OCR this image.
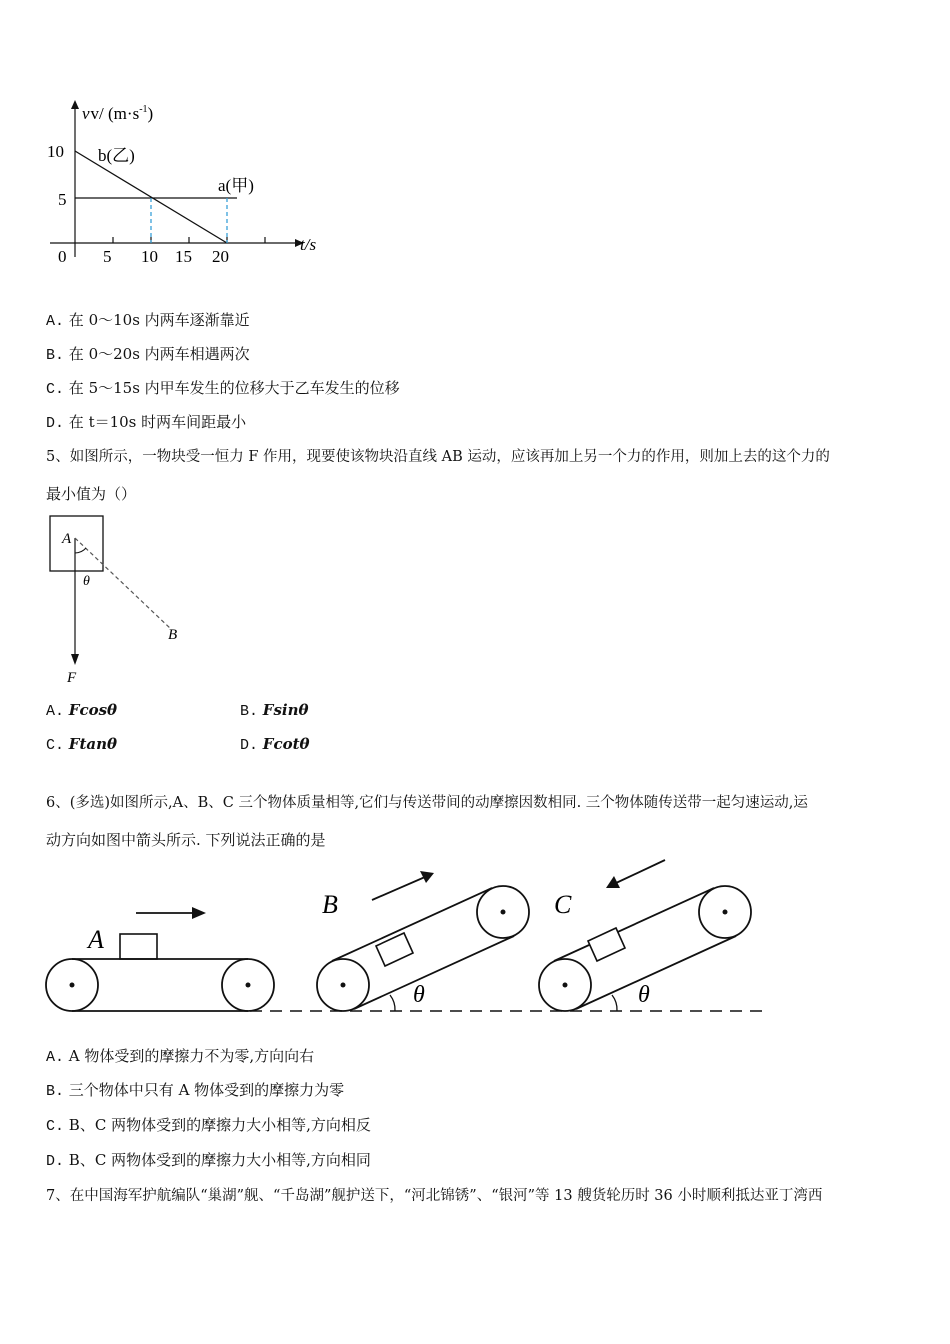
vv/ $(m\cdot s^{-1})$
10
5
0 5 10 15 20
t/s
b(乙)
a(甲)
A. 在 0～10s 内两车逐渐靠近
B. 在 0～20s 内两车相遇两次
C. 在 5～15s 内甲车发生的位移大于乙车发生的位移
D. 在 t＝10s 时两车间距最小
5、如图所示，一物块受一恒力 F 作用，现要使该物块沿直线 AB 运动，应该再加上另一个力的作用，则加上去的这个力的
最小值为（）
A
θ
B
F
A. Fcosθ	B. Fsinθ
C. Ftanθ	D. Fcotθ
6、(多选)如图所示,A、B、C 三个物体质量相等,它们与传送带间的动摩擦因数相同. 三个物体随传送带一起匀速运动,运
动方向如图中箭头所示. 下列说法正确的是
A
B
θ
C
θ
A. A 物体受到的摩擦力不为零,方向向右
B. 三个物体中只有 A 物体受到的摩擦力为零
C. B、C 两物体受到的摩擦力大小相等,方向相反
D. B、C 两物体受到的摩擦力大小相等,方向相同
7、在中国海军护航编队“巢湖”舰、“千岛湖”舰护送下，“河北锦锈”、“银河”等 13 艘货轮历时 36 小时顺利抵达亚丁湾西
